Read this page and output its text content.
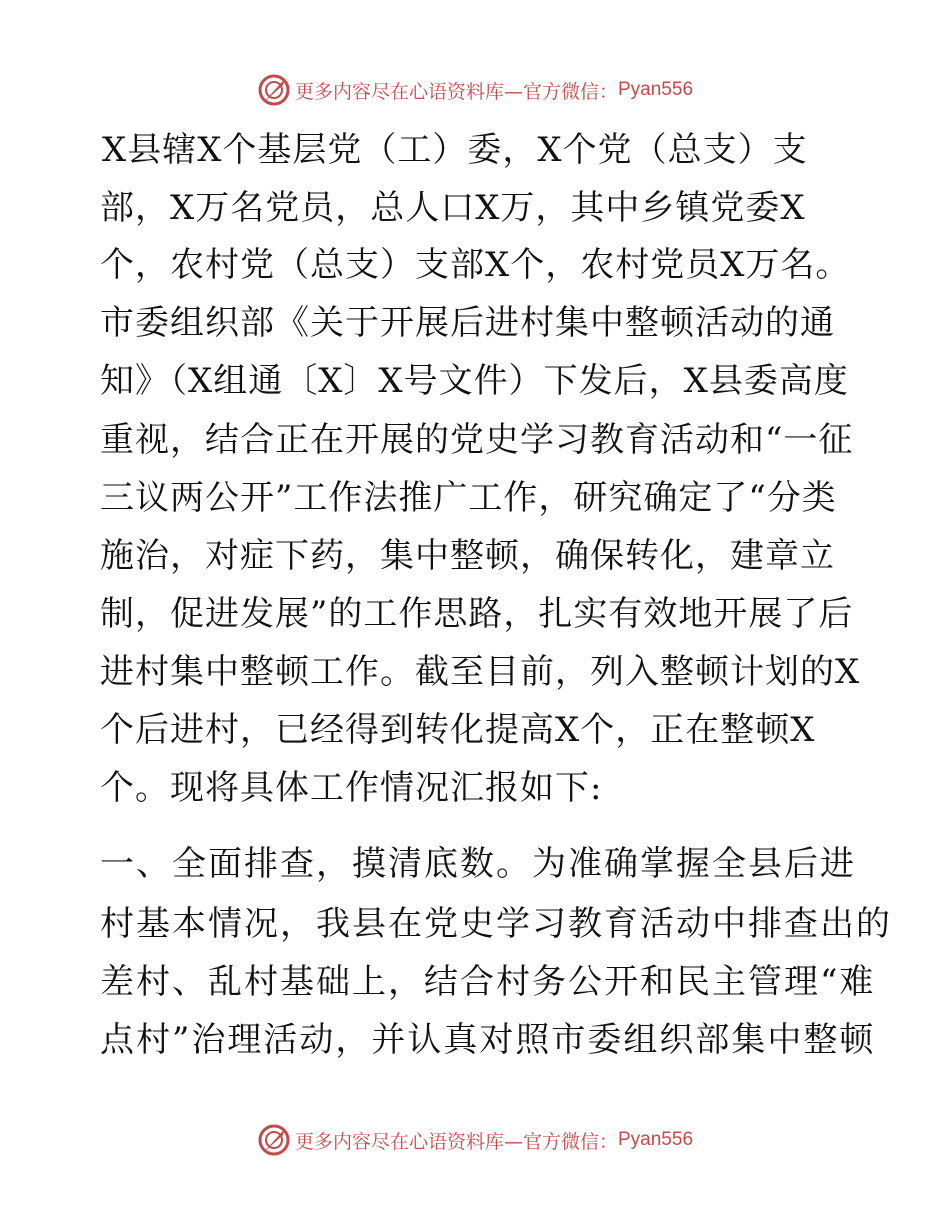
更多内容尽在心语资料库—官方微信： Pyan556
X县辖X个基层党（工）委，X个党（总支）支
部，X万名党员，总人口X万，其中乡镇党委X
个，农村党（总支）支部X个，农村党员X万名。
市委组织部《关于开展后进村集中整顿活动的通
知》（X组通〔X〕X号文件）下发后，X县委高度
重视，结合正在开展的党史学习教育活动和“一征
三议两公开”工作法推广工作，研究确定了“分类
施治，对症下药，集中整顿，确保转化，建章立
制，促进发展”的工作思路，扎实有效地开展了后
进村集中整顿工作。截至目前，列入整顿计划的X
个后进村，已经得到转化提高X个，正在整顿X
个。现将具体工作情况汇报如下:
一、全面排查，摸清底数。为准确掌握全县后进
村基本情况，我县在党史学习教育活动中排查出的
差村、乱村基础上，结合村务公开和民主管理“难
点村”治理活动，并认真对照市委组织部集中整顿
更多内容尽在心语资料库—官方微信： Pyan556
